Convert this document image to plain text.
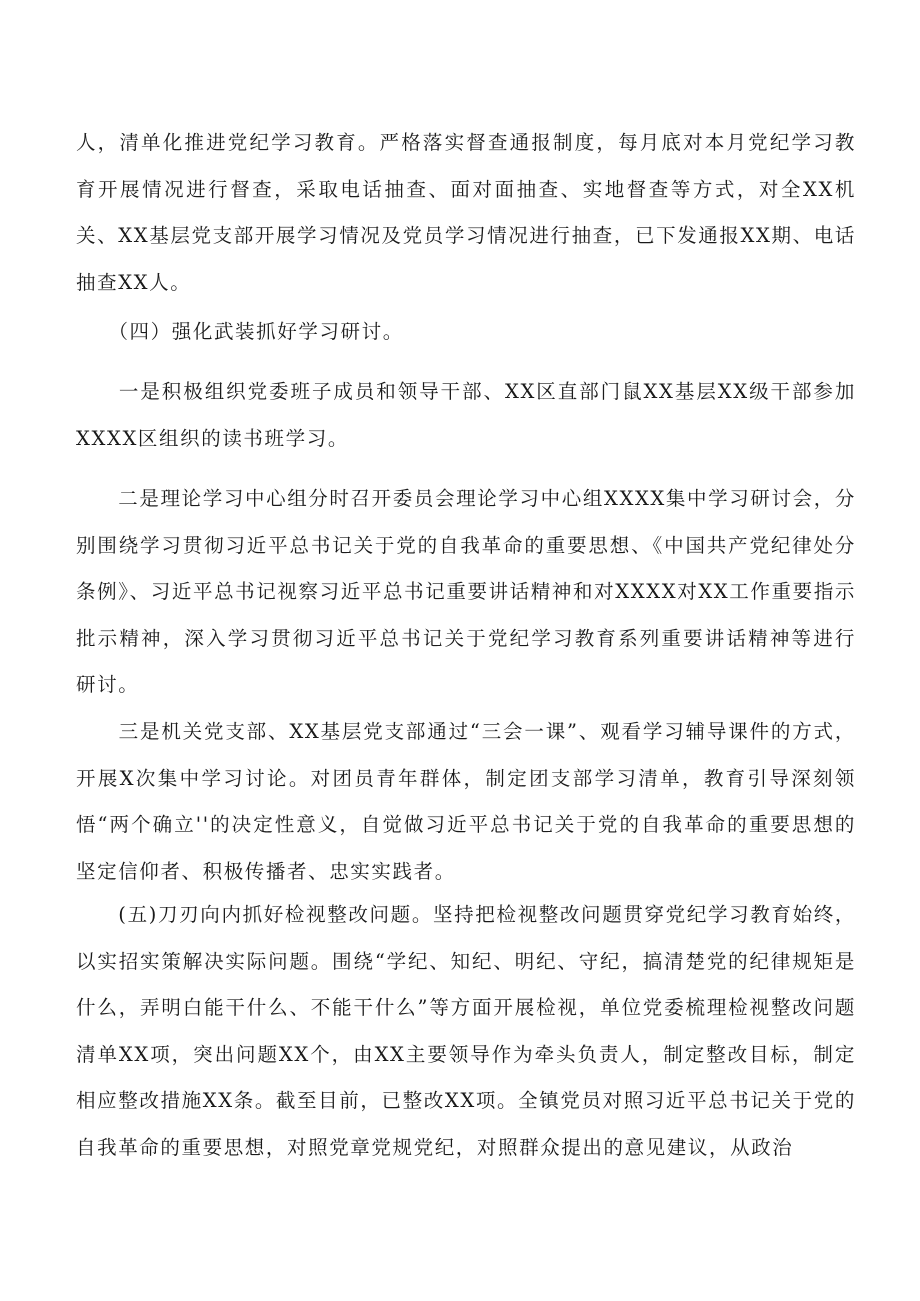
人，清单化推进党纪学习教育。严格落实督查通报制度，每月底对本月党纪学习教育开展情况进行督查，采取电话抽查、面对面抽查、实地督查等方式，对全XX机关、XX基层党支部开展学习情况及党员学习情况进行抽查，已下发通报XX期、电话抽查XX人。

　　（四）强化武装抓好学习研讨。

　　一是积极组织党委班子成员和领导干部、XX区直部门鼠XX基层XX级干部参加XXXX区组织的读书班学习。

　　二是理论学习中心组分时召开委员会理论学习中心组XXXX集中学习研讨会，分别围绕学习贯彻习近平总书记关于党的自我革命的重要思想、《中国共产党纪律处分条例》、习近平总书记视察习近平总书记重要讲话精神和对XXXX对XX工作重要指示批示精神，深入学习贯彻习近平总书记关于党纪学习教育系列重要讲话精神等进行研讨。

　　三是机关党支部、XX基层党支部通过“三会一课”、观看学习辅导课件的方式，开展X次集中学习讨论。对团员青年群体，制定团支部学习清单，教育引导深刻领悟“两个确立''的决定性意义，自觉做习近平总书记关于党的自我革命的重要思想的坚定信仰者、积极传播者、忠实实践者。

　　(五)刀刃向内抓好检视整改问题。坚持把检视整改问题贯穿党纪学习教育始终，以实招实策解决实际问题。围绕“学纪、知纪、明纪、守纪，搞清楚党的纪律规矩是什么，弄明白能干什么、不能干什么”等方面开展检视，单位党委梳理检视整改问题清单XX项，突出问题XX个，由XX主要领导作为牵头负责人，制定整改目标，制定相应整改措施XX条。截至目前，已整改XX项。全镇党员对照习近平总书记关于党的自我革命的重要思想，对照党章党规党纪，对照群众提出的意见建议，从政治
